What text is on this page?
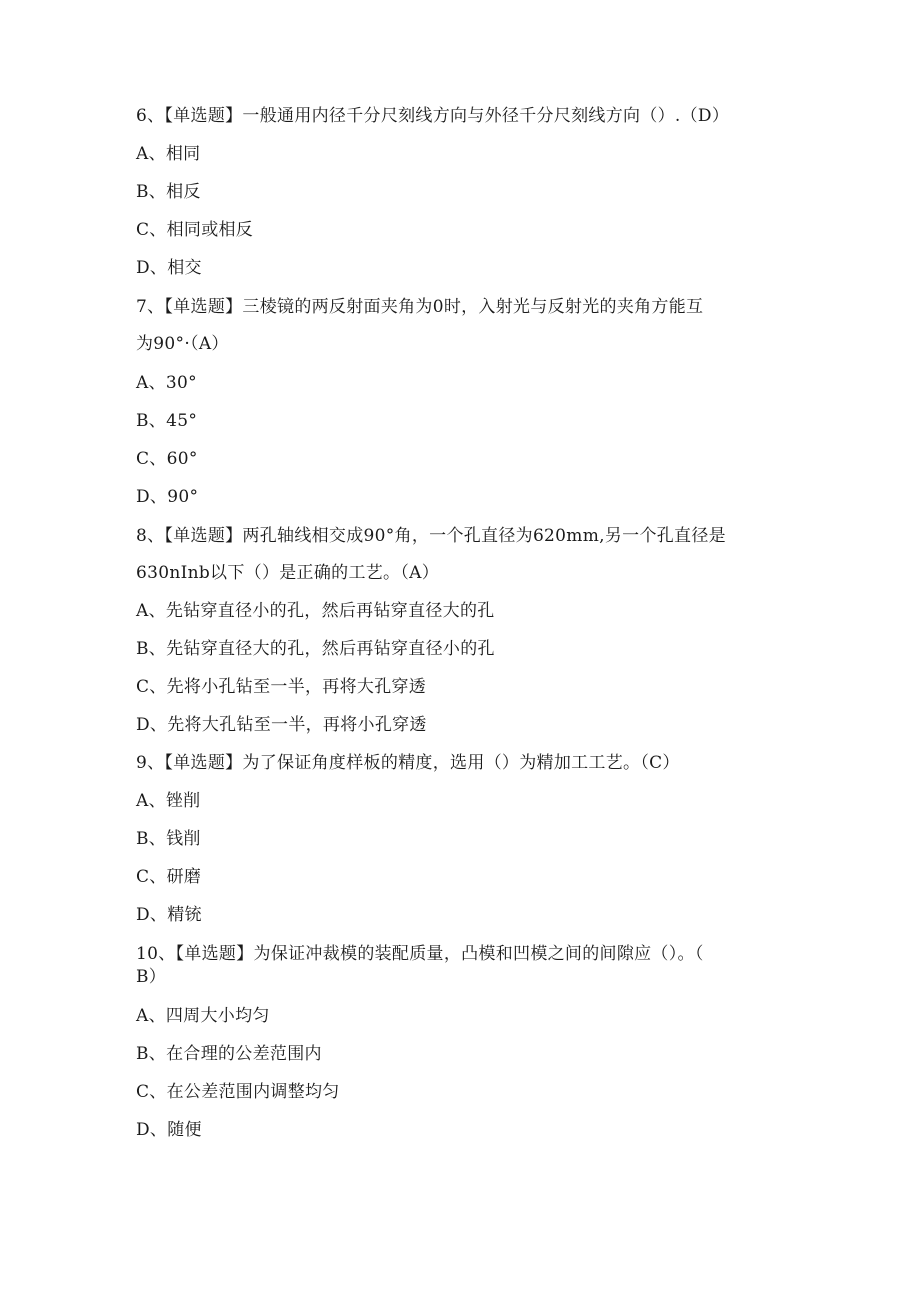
6、【单选题】一般通用内径千分尺刻线方向与外径千分尺刻线方向（）.（D）
A、相同
B、相反
C、相同或相反
D、相交
7、【单选题】三棱镜的两反射面夹角为0时，入射光与反射光的夹角方能互
为90°·（A）
A、30°
B、45°
C、60°
D、90°
8、【单选题】两孔轴线相交成90°角，一个孔直径为620mm,另一个孔直径是
630nInb以下（）是正确的工艺。（A）
A、先钻穿直径小的孔，然后再钻穿直径大的孔
B、先钻穿直径大的孔，然后再钻穿直径小的孔
C、先将小孔钻至一半，再将大孔穿透
D、先将大孔钻至一半，再将小孔穿透
9、【单选题】为了保证角度样板的精度，选用（）为精加工工艺。（C）
A、锉削
B、钱削
C、研磨
D、精铳
10、【单选题】为保证冲裁模的装配质量，凸模和凹模之间的间隙应（）。（
B）
A、四周大小均匀
B、在合理的公差范围内
C、在公差范围内调整均匀
D、随便
